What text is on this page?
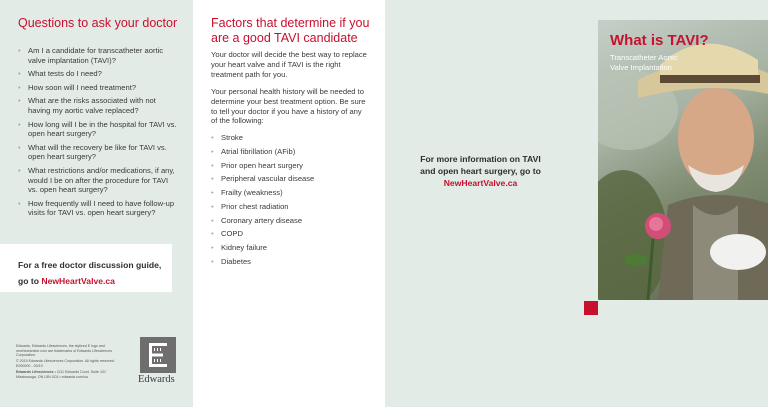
Questions to ask your doctor
• Am I a candidate for transcatheter aortic valve implantation (TAVI)?
• What tests do I need?
• How soon will I need treatment?
• What are the risks associated with not having my aortic valve replaced?
• How long will I be in the hospital for TAVI vs. open heart surgery?
• What will the recovery be like for TAVI vs. open heart surgery?
• What restrictions and/or medications, if any, would I be on after the procedure for TAVI vs. open heart surgery?
• How frequently will I need to have follow-up visits for TAVI vs. open heart surgery?
For a free doctor discussion guide,
go to NewHeartValve.ca

Edwards, Edwards Lifesciences, the stylized E logo and newheartvalve.com are trademarks of Edwards Lifesciences Corporation.

© 2019 Edwards Lifesciences Corporation. All rights reserved. E000000 - 00/19

Edwards Lifesciences • 1111 Edwards Court, Suite 101 Mississauga, ON L5N 0C6 • edwards.com/ca	Edwards
Factors that determine if you are a good TAVI candidate

Your doctor will decide the best way to replace your heart valve and if TAVI is the right treatment path for you.

Your personal health history will be needed to determine your best treatment option. Be sure to tell your doctor if you have a history of any of the following:

• Stroke
• Atrial fibrillation (AFib)
• Prior open heart surgery
• Peripheral vascular disease
• Frailty (weakness)
• Prior chest radiation
• Coronary artery disease
• COPD
• Kidney failure
• Diabetes
For more information on TAVI
and open heart surgery, go to
NewHeartValve.ca
What is TAVI?

Transcatheter Aortic
Valve Implantation
